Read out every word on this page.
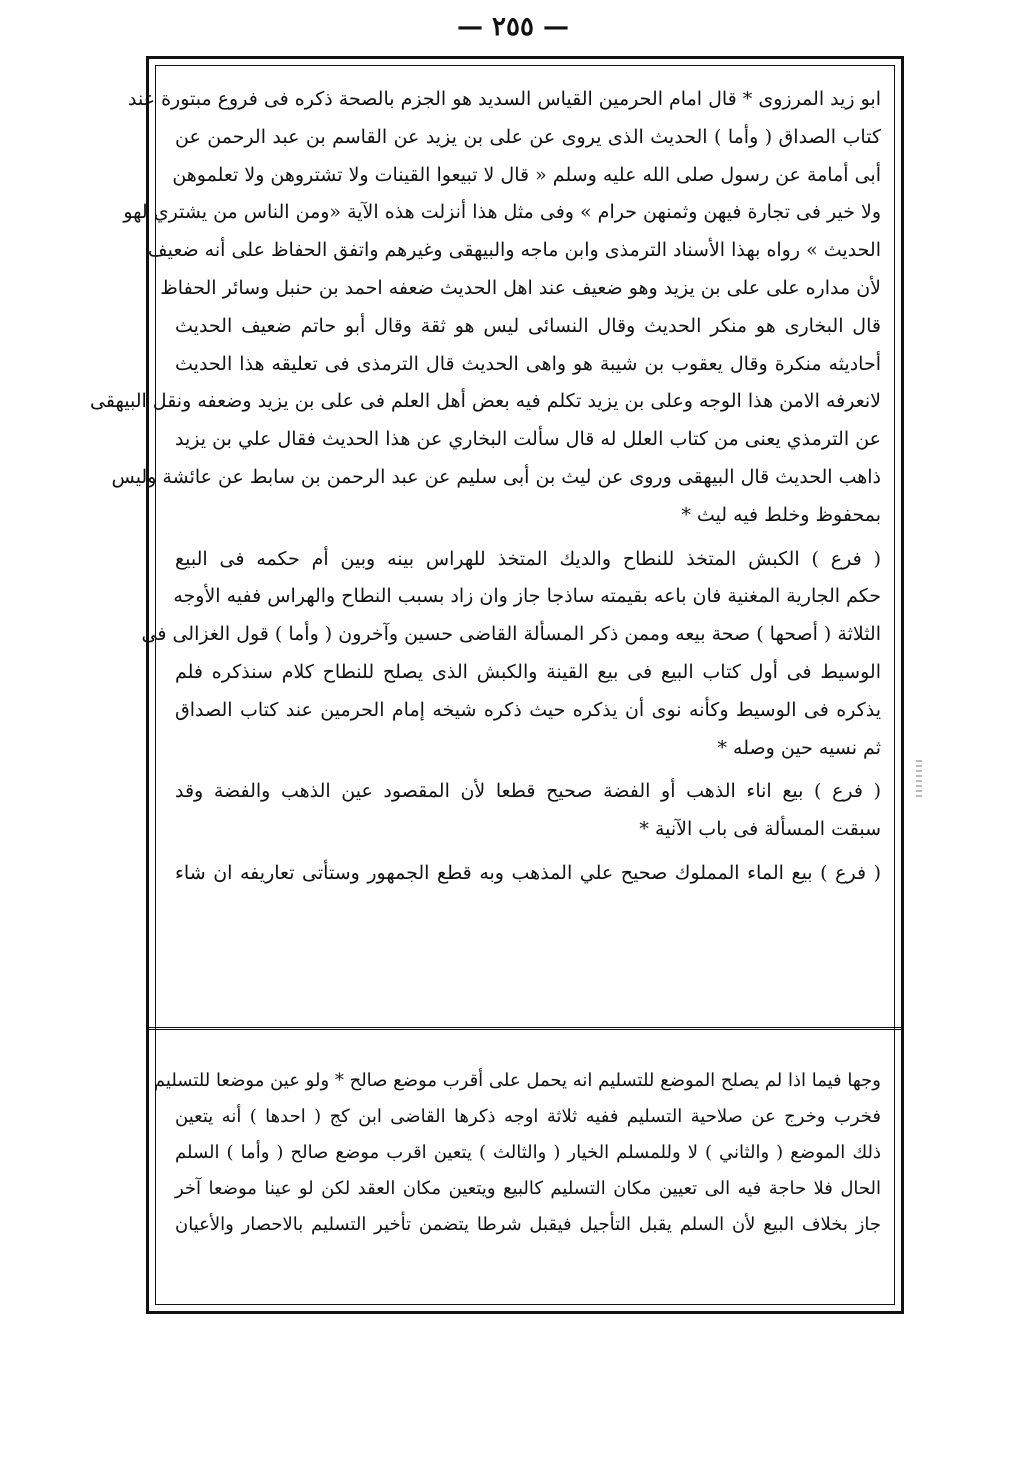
— ٢٥٥ —
ابو زيد المرزوى * قال امام الحرمين القياس السديد هو الجزم بالصحة ذكره فى فروع مبتورة عند
كتاب الصداق ( وأما ) الحديث الذى يروى عن على بن يزيد عن القاسم بن عبد الرحمن عن
أبى أمامة عن رسول صلى الله عليه وسلم « قال لا تبيعوا القينات ولا تشتروهن ولا تعلموهن
ولا خير فى تجارة فيهن وثمنهن حرام » وفى مثل هذا أنزلت هذه الآية «ومن الناس من يشتري لهو
الحديث » رواه بهذا الأسناد الترمذى وابن ماجه والبيهقى وغيرهم واتفق الحفاظ على أنه ضعيف
لأن مداره على على بن يزيد وهو ضعيف عند اهل الحديث ضعفه احمد بن حنبل وسائر الحفاظ
قال البخارى هو منكر الحديث وقال النسائى ليس هو ثقة وقال أبو حاتم ضعيف الحديث
أحاديثه منكرة وقال يعقوب بن شيبة هو واهى الحديث قال الترمذى فى تعليقه هذا الحديث
لانعرفه الامن هذا الوجه وعلى بن يزيد تكلم فيه بعض أهل العلم فى على بن يزيد وضعفه ونقل البيهقى
عن الترمذي يعنى من كتاب العلل له قال سألت البخاري عن هذا الحديث فقال علي بن يزيد
ذاهب الحديث قال البيهقى وروى عن ليث بن أبى سليم عن عبد الرحمن بن سابط عن عائشة وليس
بمحفوظ وخلط فيه ليث *
( فرع ) الكبش المتخذ للنطاح والديك المتخذ للهراس بينه وبين أم حكمه فى البيع
حكم الجارية المغنية فان باعه بقيمته ساذجا جاز وان زاد بسبب النطاح والهراس ففيه الأوجه
الثلاثة ( أصحها ) صحة بيعه وممن ذكر المسألة القاضى حسين وآخرون ( وأما ) قول الغزالى فى
الوسيط فى أول كتاب البيع فى بيع القينة والكبش الذى يصلح للنطاح كلام سنذكره فلم
يذكره فى الوسيط وكأنه نوى أن يذكره حيث ذكره شيخه إمام الحرمين عند كتاب الصداق
ثم نسيه حين وصله *
( فرع ) بيع اناء الذهب أو الفضة صحيح قطعا لأن المقصود عين الذهب والفضة وقد
سبقت المسألة فى باب الآنية *
( فرع ) بيع الماء المملوك صحيح علي المذهب وبه قطع الجمهور وستأتى تعاريفه ان شاء
وجها فيما اذا لم يصلح الموضع للتسليم انه يحمل على أقرب موضع صالح * ولو عين موضعا للتسليم
فخرب وخرج عن صلاحية التسليم ففيه ثلاثة اوجه ذكرها القاضى ابن كج ( احدها ) أنه يتعين
ذلك الموضع ( والثاني ) لا وللمسلم الخيار ( والثالث ) يتعين اقرب موضع صالح ( وأما ) السلم
الحال فلا حاجة فيه الى تعيين مكان التسليم كالبيع ويتعين مكان العقد لكن لو عينا موضعا آخر
جاز بخلاف البيع لأن السلم يقبل التأجيل فيقبل شرطا يتضمن تأخير التسليم بالاحصار والأعيان
